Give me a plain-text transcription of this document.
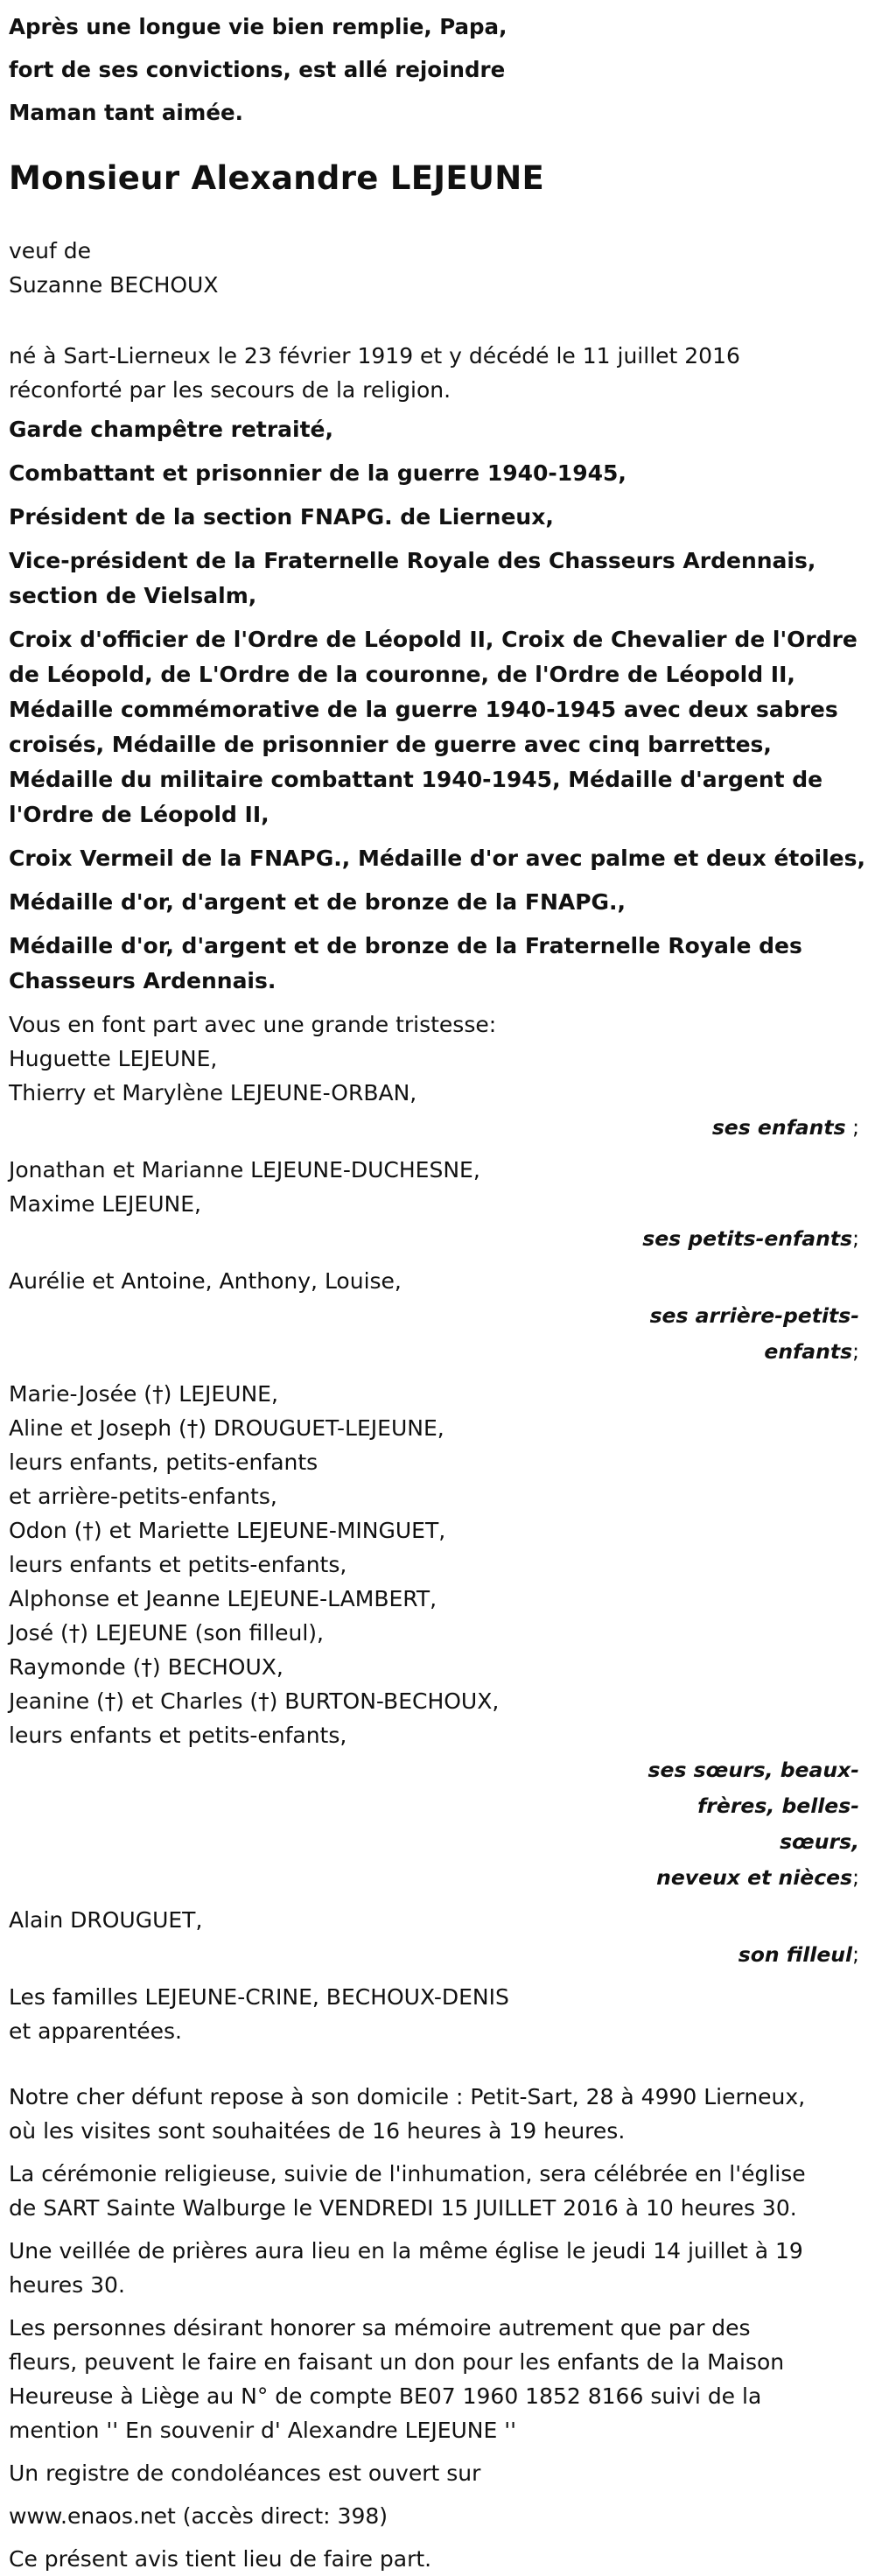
Après une longue vie bien remplie, Papa,
fort de ses convictions, est allé rejoindre
Maman tant aimée.
Monsieur Alexandre LEJEUNE
veuf de
Suzanne BECHOUX
né à Sart-Lierneux le 23 février 1919 et y décédé le 11 juillet 2016
réconforté par les secours de la religion.
Garde champêtre retraité,
Combattant et prisonnier de la guerre 1940-1945,
Président de la section FNAPG. de Lierneux,
Vice-président de la Fraternelle Royale des Chasseurs Ardennais,
section de Vielsalm,
Croix d'officier de l'Ordre de Léopold II, Croix de Chevalier de l'Ordre
de Léopold, de L'Ordre de la couronne, de l'Ordre de Léopold II,
Médaille commémorative de la guerre 1940-1945 avec deux sabres
croisés, Médaille de prisonnier de guerre avec cinq barrettes,
Médaille du militaire combattant 1940-1945, Médaille d'argent de
l'Ordre de Léopold II,
Croix Vermeil de la FNAPG., Médaille d'or avec palme et deux étoiles,
Médaille d'or, d'argent et de bronze de la FNAPG.,
Médaille d'or, d'argent et de bronze de la Fraternelle Royale des
Chasseurs Ardennais.
Vous en font part avec une grande tristesse:
Huguette LEJEUNE,
Thierry et Marylène LEJEUNE-ORBAN,
ses enfants ;
Jonathan et Marianne LEJEUNE-DUCHESNE,
Maxime LEJEUNE,
ses petits-enfants;
Aurélie et Antoine, Anthony, Louise,
ses arrière-petits-
enfants;
Marie-Josée (†) LEJEUNE,
Aline et Joseph (†) DROUGUET-LEJEUNE,
leurs enfants, petits-enfants
et arrière-petits-enfants,
Odon (†) et Mariette LEJEUNE-MINGUET,
leurs enfants et petits-enfants,
Alphonse et Jeanne LEJEUNE-LAMBERT,
José (†) LEJEUNE (son filleul),
Raymonde (†) BECHOUX,
Jeanine (†) et Charles (†) BURTON-BECHOUX,
leurs enfants et petits-enfants,
ses sœurs, beaux-
frères, belles-
sœurs,
neveux et nièces;
Alain DROUGUET,
son filleul;
Les familles LEJEUNE-CRINE, BECHOUX-DENIS
et apparentées.
Notre cher défunt repose à son domicile : Petit-Sart, 28 à 4990 Lierneux,
où les visites sont souhaitées de 16 heures à 19 heures.
La cérémonie religieuse, suivie de l'inhumation, sera célébrée en l'église
de SART Sainte Walburge le VENDREDI 15 JUILLET 2016 à 10 heures 30.
Une veillée de prières aura lieu en la même église le jeudi 14 juillet à 19
heures 30.
Les personnes désirant honorer sa mémoire autrement que par des
fleurs, peuvent le faire en faisant un don pour les enfants de la Maison
Heureuse à Liège au N° de compte BE07 1960 1852 8166 suivi de la
mention '' En souvenir d' Alexandre LEJEUNE ''
Un registre de condoléances est ouvert sur
www.enaos.net (accès direct: 398)
Ce présent avis tient lieu de faire part.
